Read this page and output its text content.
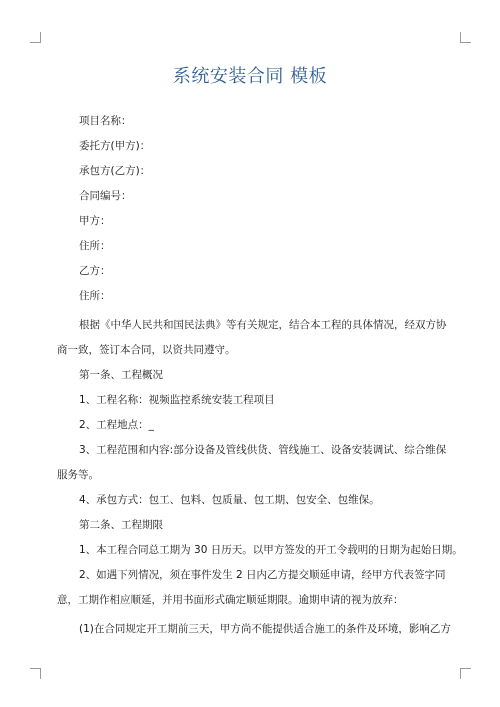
系统安装合同 模板
项目名称：
委托方(甲方)：
承包方(乙方)：
合同编号：
甲方：
住所：
乙方：
住所：
根据《中华人民共和国民法典》等有关规定，结合本工程的具体情况，经双方协
商一致，签订本合同，以资共同遵守。
第一条、工程概况
1、工程名称：视频监控系统安装工程项目
2、工程地点：_
3、工程范围和内容:部分设备及管线供货、管线施工、设备安装调试、综合维保
服务等。
4、承包方式：包工、包料、包质量、包工期、包安全、包维保。
第二条、工程期限
1、本工程合同总工期为 30 日历天。以甲方签发的开工令载明的日期为起始日期。
2、如遇下列情况，须在事件发生 2 日内乙方提交顺延申请，经甲方代表签字同
意，工期作相应顺延，并用书面形式确定顺延期限。逾期申请的视为放弃：
(1)在合同规定开工期前三天，甲方尚不能提供适合施工的条件及环境，影响乙方
